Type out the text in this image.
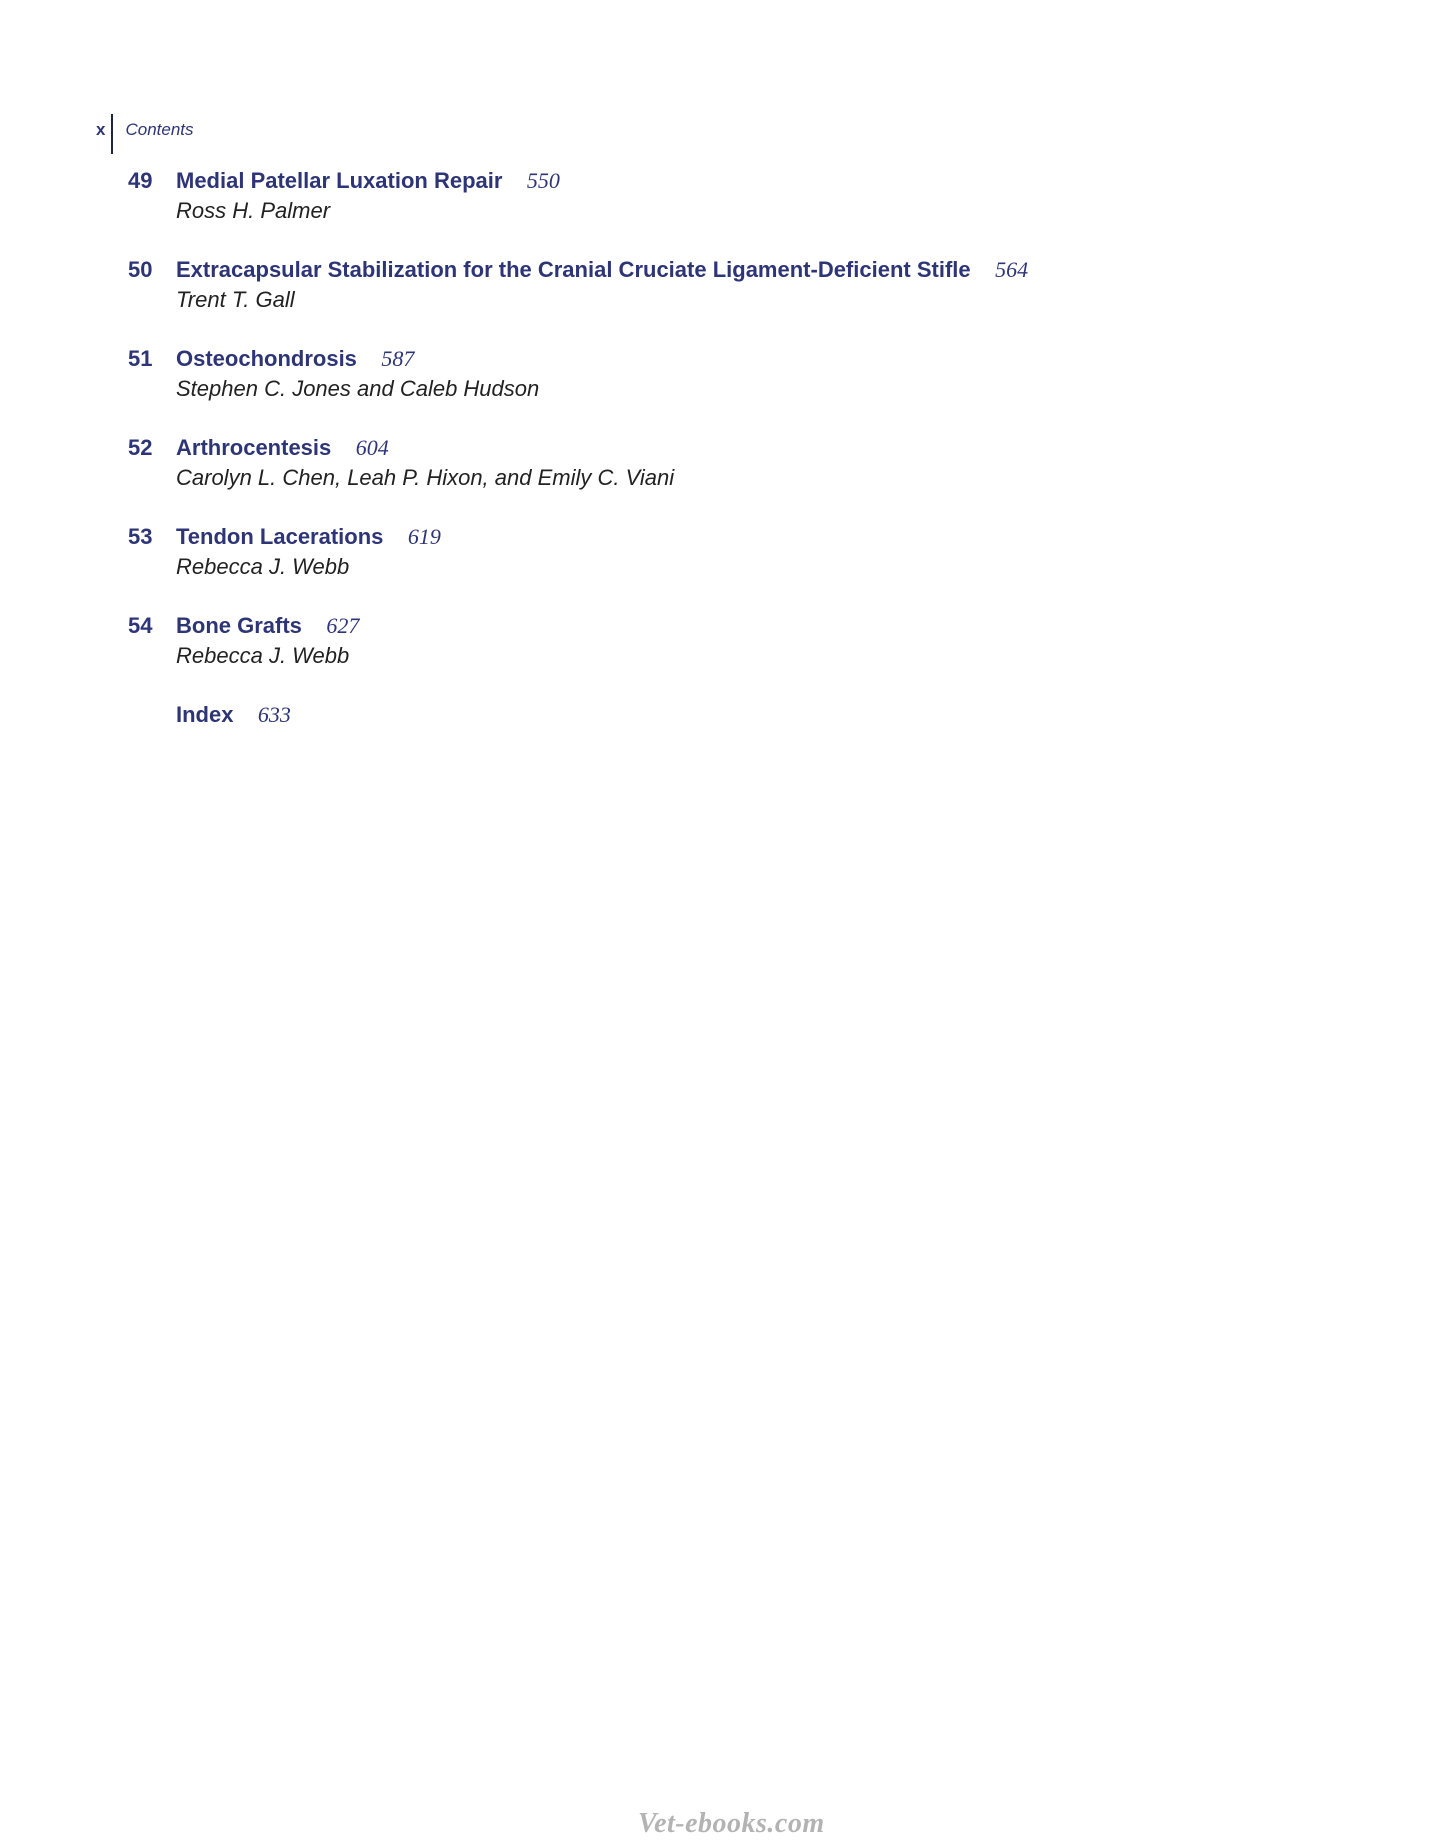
x Contents
49	Medial Patellar Luxation Repair 550
Ross H. Palmer
50	Extracapsular Stabilization for the Cranial Cruciate Ligament-Deficient Stifle 564
Trent T. Gall
51	Osteochondrosis 587
Stephen C. Jones and Caleb Hudson
52	Arthrocentesis 604
Carolyn L. Chen, Leah P. Hixon, and Emily C. Viani
53	Tendon Lacerations 619
Rebecca J. Webb
54	Bone Grafts 627
Rebecca J. Webb
Index 633
Vet-ebooks.com
